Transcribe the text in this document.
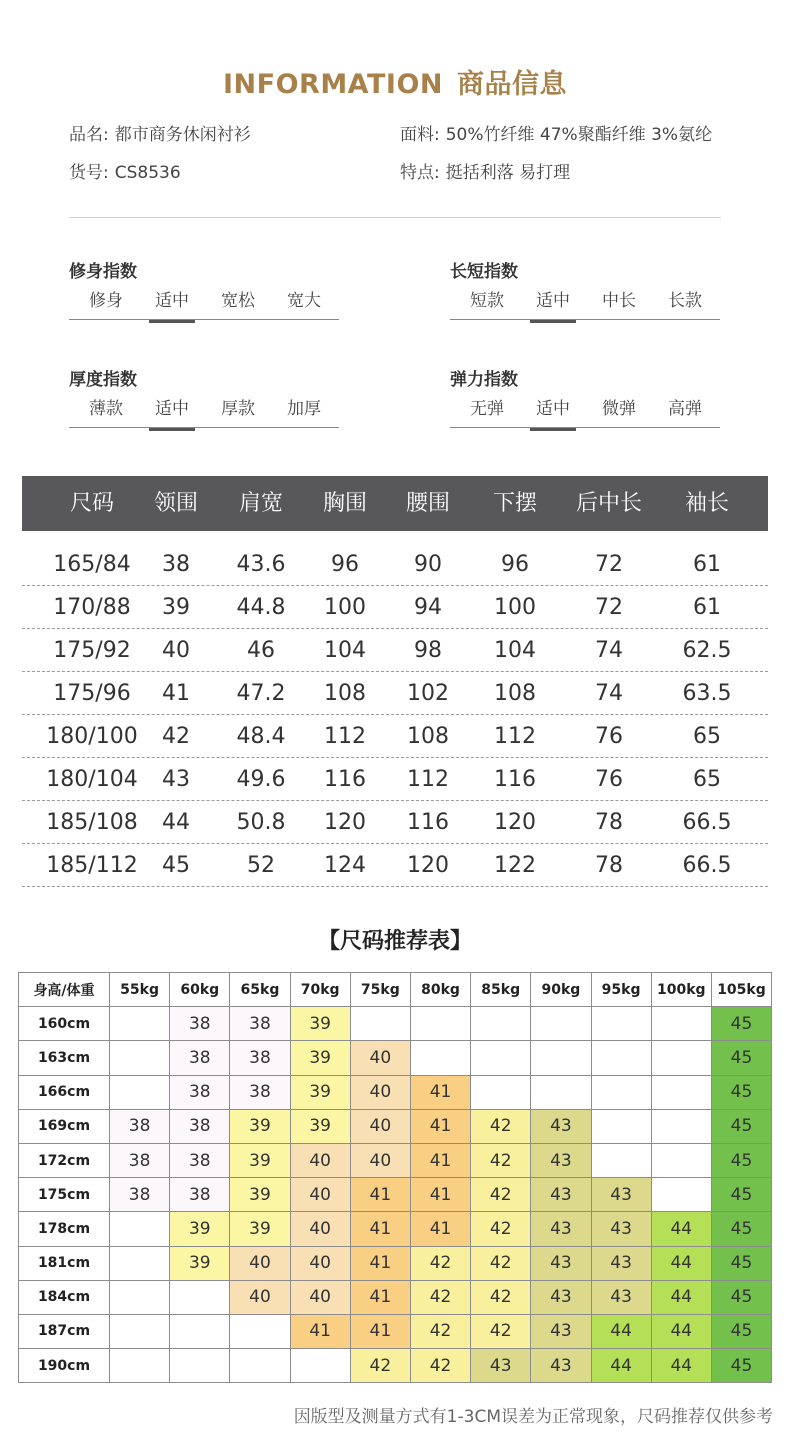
INFORMATION 商品信息
品名: 都市商务休闲衬衫	面料: 50%竹纤维 47%聚酯纤维 3%氨纶
货号: CS8536	特点: 挺括利落 易打理
修身指数
修身	适中	宽松	宽大
长短指数
短款	适中	中长	长款
厚度指数
薄款	适中	厚款	加厚
弹力指数
无弹	适中	微弹	高弹
尺码	领围	肩宽	胸围	腰围	下摆	后中长	袖长
165/84	38	43.6	96	90	96	72	61
170/88	39	44.8	100	94	100	72	61
175/92	40	46	104	98	104	74	62.5
175/96	41	47.2	108	102	108	74	63.5
180/100	42	48.4	112	108	112	76	65
180/104	43	49.6	116	112	116	76	65
185/108	44	50.8	120	116	120	78	66.5
185/112	45	52	124	120	122	78	66.5
【尺码推荐表】
身高/体重	55kg	60kg	65kg	70kg	75kg	80kg	85kg	90kg	95kg	100kg	105kg
160cm		38	38	39							45
163cm		38	38	39	40						45
166cm		38	38	39	40	41					45
169cm	38	38	39	39	40	41	42	43			45
172cm	38	38	39	40	40	41	42	43			45
175cm	38	38	39	40	41	41	42	43	43		45
178cm		39	39	40	41	41	42	43	43	44	45
181cm		39	40	40	41	42	42	43	43	44	45
184cm			40	40	41	42	42	43	43	44	45
187cm				41	41	42	42	43	44	44	45
190cm					42	42	43	43	44	44	45
因版型及测量方式有1-3CM误差为正常现象，尺码推荐仅供参考
